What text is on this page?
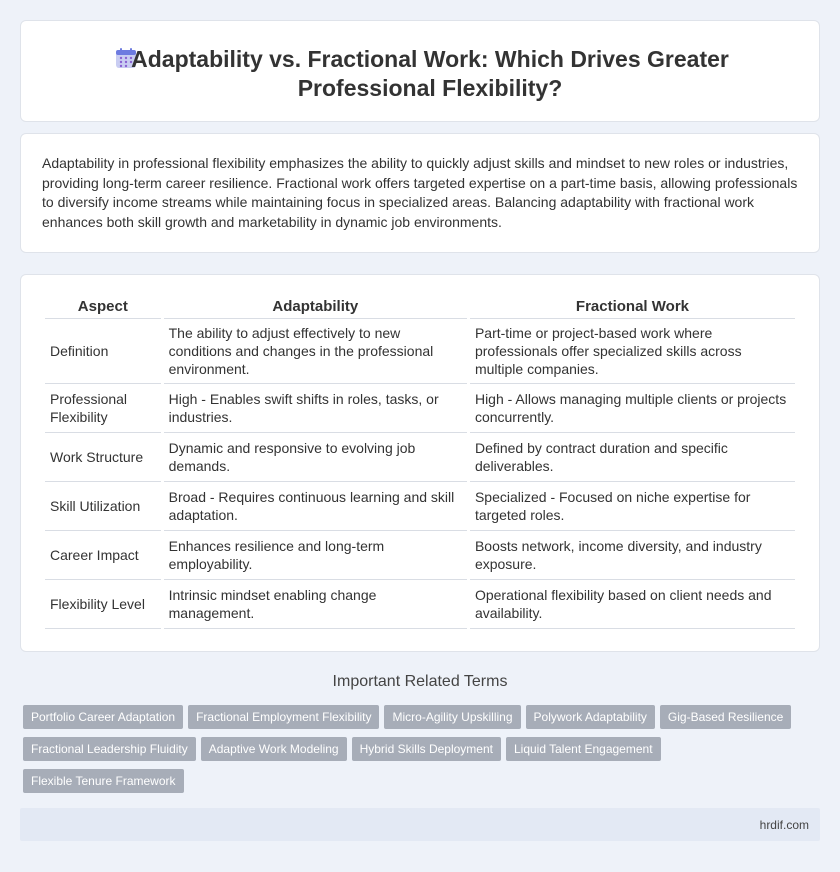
Adaptability vs. Fractional Work: Which Drives Greater Professional Flexibility?

Adaptability in professional flexibility emphasizes the ability to quickly adjust skills and mindset to new roles or industries, providing long-term career resilience. Fractional work offers targeted expertise on a part-time basis, allowing professionals to diversify income streams while maintaining focus in specialized areas. Balancing adaptability with fractional work enhances both skill growth and marketability in dynamic job environments.

Aspect	Adaptability	Fractional Work
Definition	The ability to adjust effectively to new conditions and changes in the professional environment.	Part-time or project-based work where professionals offer specialized skills across multiple companies.
Professional Flexibility	High - Enables swift shifts in roles, tasks, or industries.	High - Allows managing multiple clients or projects concurrently.
Work Structure	Dynamic and responsive to evolving job demands.	Defined by contract duration and specific deliverables.
Skill Utilization	Broad - Requires continuous learning and skill adaptation.	Specialized - Focused on niche expertise for targeted roles.
Career Impact	Enhances resilience and long-term employability.	Boosts network, income diversity, and industry exposure.
Flexibility Level	Intrinsic mindset enabling change management.	Operational flexibility based on client needs and availability.
Important Related Terms
Portfolio Career Adaptation Fractional Employment Flexibility Micro-Agility Upskilling Polywork Adaptability Gig-Based ResilienceFractional Leadership Fluidity Adaptive Work Modeling Hybrid Skills Deployment Liquid Talent EngagementFlexible Tenure Framework
hrdif.com
